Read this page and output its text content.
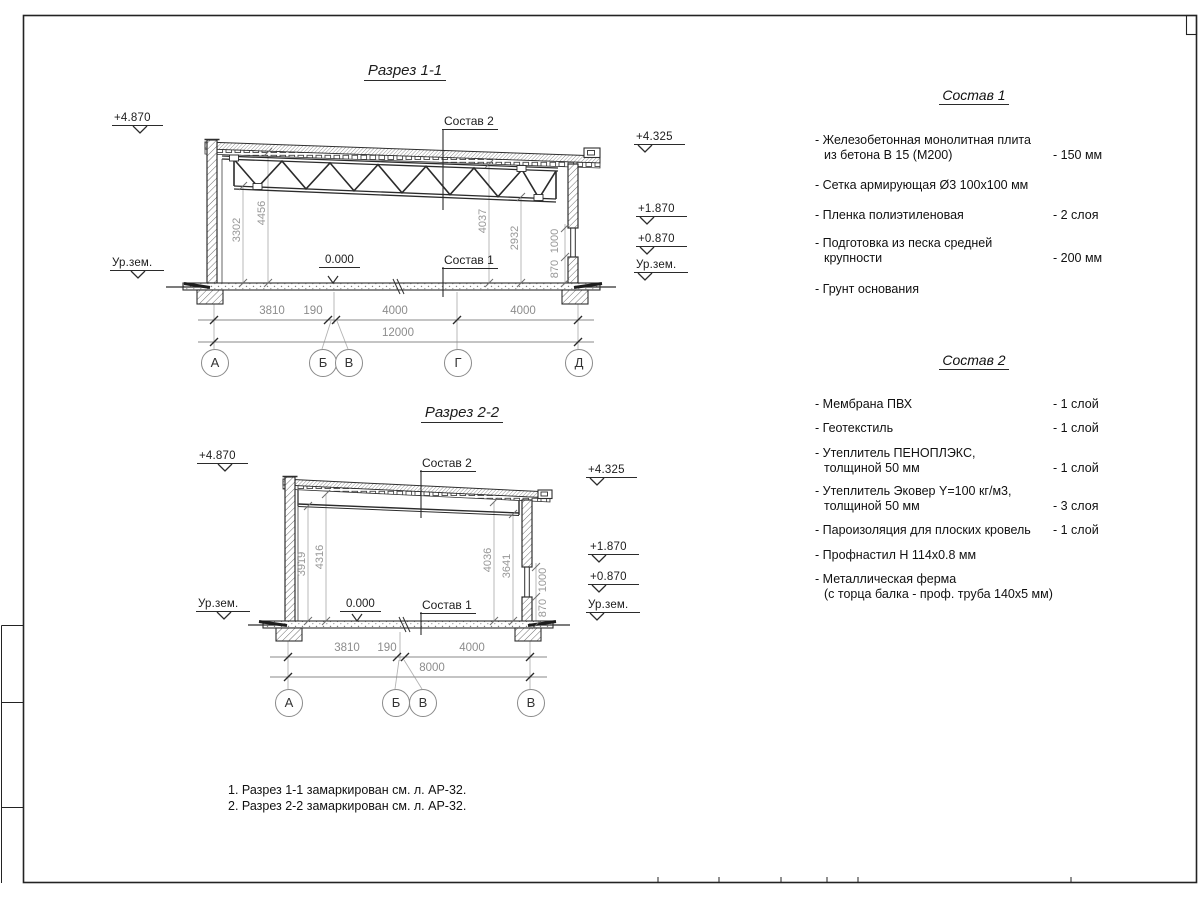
Разрез 1-1
+4.870
Ур.зем.
+4.325
+1.870
+0.870
Ур.зем.
Состав 2
Состав 1
0.000
3302
4456	4037
2932	1000
870
3810	190	4000	4000
12000
А	Б	В	Г	Д
Разрез 2-2
+4.870
Ур.зем.
+4.325
+1.870
+0.870
Ур.зем.
Состав 2
Состав 1
0.000
3919 4316	4036 3641
1000
870
3810	190	4000
8000
А	Б	В	В
Состав 1
- Железобетонная монолитная плита
из бетона В 15 (М200)	- 150 мм
- Сетка армирующая Ø3 100x100 мм
- Пленка полиэтиленовая	- 2 слоя
- Подготовка из песка средней
крупности	- 200 мм
- Грунт основания
Состав 2
- Мембрана ПВХ	- 1 слой
- Геотекстиль	- 1 слой
- Утеплитель ПЕНОПЛЭКС,
толщиной 50 мм	- 1 слой
- Утеплитель Эковер Y=100 кг/м3,
толщиной 50 мм	- 3 слоя
- Пароизоляция для плоских кровель	- 1 слой
- Профнастил Н 114x0.8 мм
- Металлическая ферма
(с торца балка - проф. труба 140x5 мм)
1. Разрез 1-1 замаркирован см. л. АР-32.
2. Разрез 2-2 замаркирован см. л. АР-32.
